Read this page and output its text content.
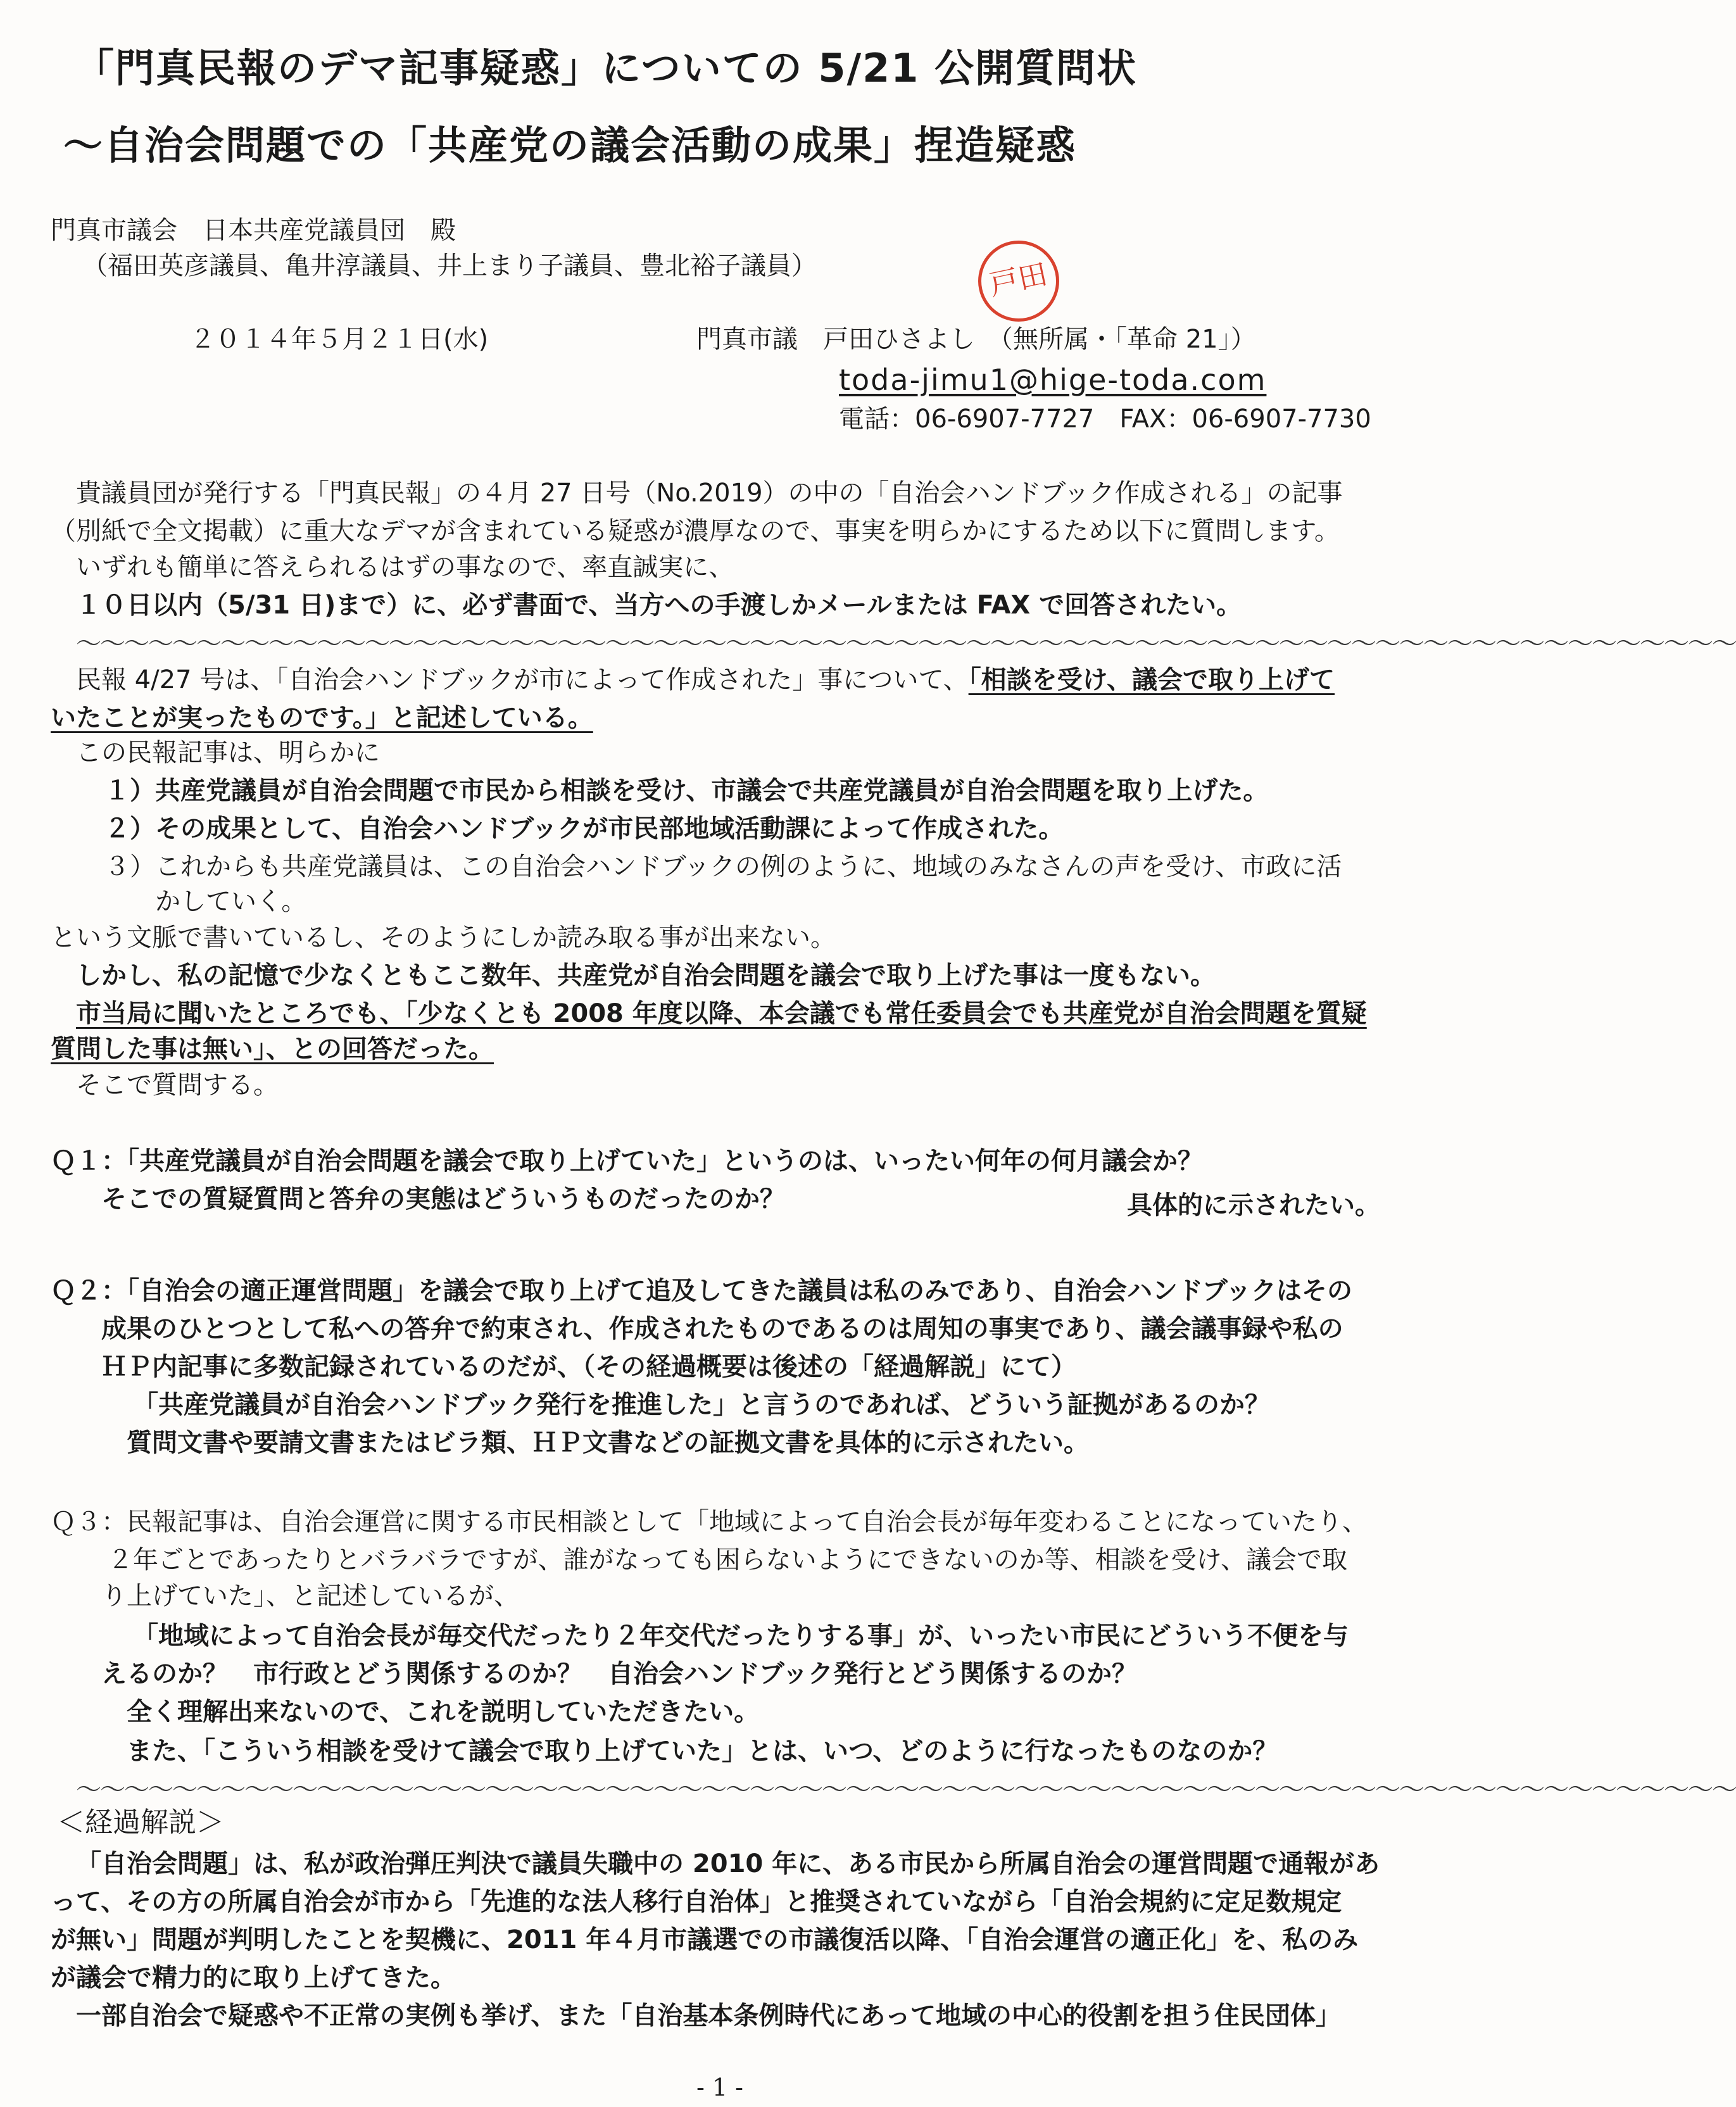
「門真民報のデマ記事疑惑」についての 5/21 公開質問状
〜自治会問題での「共産党の議会活動の成果」捏造疑惑
門真市議会　日本共産党議員団　殿
（福田英彦議員、亀井淳議員、井上まり子議員、豊北裕子議員）	戸田
２０１４年５月２１日(水)	門真市議　戸田ひさよし　（無所属・「革命 21」）
toda-jimu1@hige-toda.com
電話：06-6907-7727　FAX：06-6907-7730
貴議員団が発行する「門真民報」の４月 27 日号（No.2019）の中の「自治会ハンドブック作成される」の記事
（別紙で全文掲載）に重大なデマが含まれている疑惑が濃厚なので、事実を明らかにするため以下に質問します。
いずれも簡単に答えられるはずの事なので、率直誠実に、
１０日以内（5/31 日)まで）に、必ず書面で、当方への手渡しかメールまたは FAX で回答されたい。
〜〜〜〜〜〜〜〜〜〜〜〜〜〜〜〜〜〜〜〜〜〜〜〜〜〜〜〜〜〜〜〜〜〜〜〜〜〜〜〜〜〜〜〜〜〜〜〜〜〜〜〜〜〜〜〜〜〜〜〜〜〜〜〜〜〜〜〜〜
民報 4/27 号は、「自治会ハンドブックが市によって作成された」事について、「相談を受け、議会で取り上げて
いたことが実ったものです。」と記述している。
この民報記事は、明らかに
１）共産党議員が自治会問題で市民から相談を受け、市議会で共産党議員が自治会問題を取り上げた。
２）その成果として、自治会ハンドブックが市民部地域活動課によって作成された。
３）これからも共産党議員は、この自治会ハンドブックの例のように、地域のみなさんの声を受け、市政に活
かしていく。
という文脈で書いているし、そのようにしか読み取る事が出来ない。
しかし、私の記憶で少なくともここ数年、共産党が自治会問題を議会で取り上げた事は一度もない。
市当局に聞いたところでも、「少なくとも 2008 年度以降、本会議でも常任委員会でも共産党が自治会問題を質疑
質問した事は無い」、との回答だった。
そこで質問する。
Ｑ１：「共産党議員が自治会問題を議会で取り上げていた」というのは、いったい何年の何月議会か？
そこでの質疑質問と答弁の実態はどういうものだったのか？	具体的に示されたい。
Ｑ２：「自治会の適正運営問題」を議会で取り上げて追及してきた議員は私のみであり、自治会ハンドブックはその
成果のひとつとして私への答弁で約束され、作成されたものであるのは周知の事実であり、議会議事録や私の
ＨＰ内記事に多数記録されているのだが、（その経過概要は後述の「経過解説」にて）
「共産党議員が自治会ハンドブック発行を推進した」と言うのであれば、どういう証拠があるのか？
質問文書や要請文書またはビラ類、ＨＰ文書などの証拠文書を具体的に示されたい。
Ｑ３：民報記事は、自治会運営に関する市民相談として「地域によって自治会長が毎年変わることになっていたり、
２年ごとであったりとバラバラですが、誰がなっても困らないようにできないのか等、相談を受け、議会で取
り上げていた」、と記述しているが、
「地域によって自治会長が毎交代だったり２年交代だったりする事」が、いったい市民にどういう不便を与
えるのか？　市行政とどう関係するのか？　自治会ハンドブック発行とどう関係するのか？
全く理解出来ないので、これを説明していただきたい。
また、「こういう相談を受けて議会で取り上げていた」とは、いつ、どのように行なったものなのか？
〜〜〜〜〜〜〜〜〜〜〜〜〜〜〜〜〜〜〜〜〜〜〜〜〜〜〜〜〜〜〜〜〜〜〜〜〜〜〜〜〜〜〜〜〜〜〜〜〜〜〜〜〜〜〜〜〜〜〜〜〜〜〜〜〜〜〜〜〜
＜経過解説＞
「自治会問題」は、私が政治弾圧判決で議員失職中の 2010 年に、ある市民から所属自治会の運営問題で通報があ
って、その方の所属自治会が市から「先進的な法人移行自治体」と推奨されていながら「自治会規約に定足数規定
が無い」問題が判明したことを契機に、2011 年４月市議選での市議復活以降、「自治会運営の適正化」を、私のみ
が議会で精力的に取り上げてきた。
一部自治会で疑惑や不正常の実例も挙げ、また「自治基本条例時代にあって地域の中心的役割を担う住民団体」
- 1 -
